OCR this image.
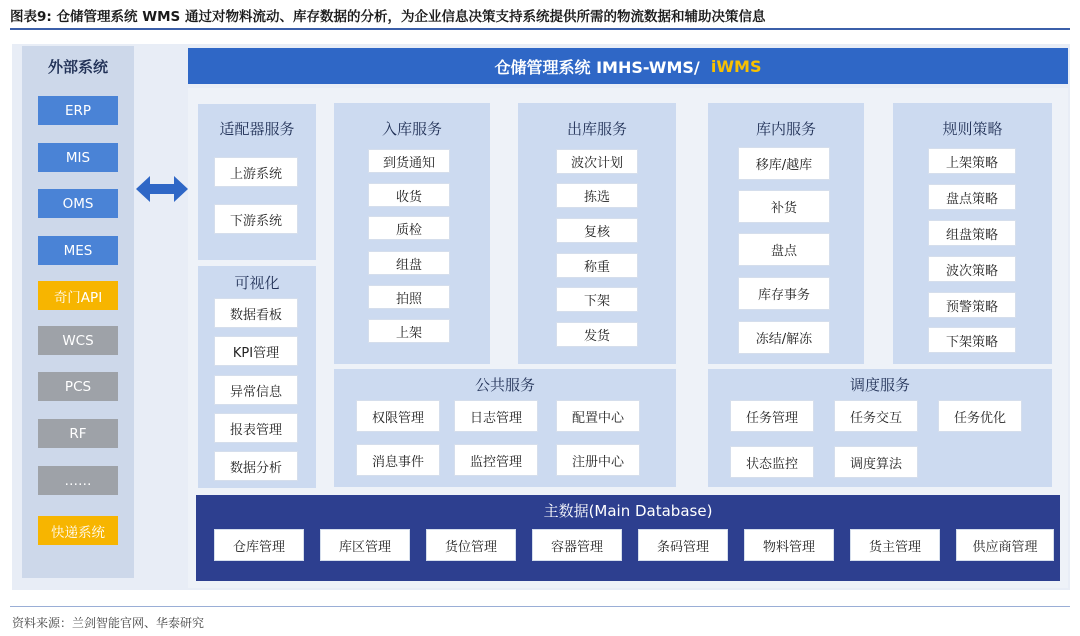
图表9: 仓储管理系统 WMS 通过对物料流动、库存数据的分析，为企业信息决策支持系统提供所需的物流数据和辅助决策信息
外部系统
ERP
MIS
OMS
MES
奇门API
WCS
PCS
RF
……
快递系统
仓储管理系统 IMHS-WMS/ iWMS
适配器服务
可视化
入库服务	出库服务	库内服务	规则策略
公共服务	调度服务
主数据(Main Database)
资料来源：兰剑智能官网、华泰研究
上游系统
下游系统
数据看板
KPI管理
异常信息
报表管理
数据分析
到货通知
收货
质检
组盘
拍照
上架
波次计划
拣选
复核
称重
下架
发货
移库/越库
补货
盘点
库存事务
冻结/解冻
上架策略
盘点策略
组盘策略
波次策略
预警策略
下架策略
权限管理	日志管理	配置中心
消息事件	监控管理	注册中心
任务管理	任务交互	任务优化
状态监控	调度算法
仓库管理	库区管理	货位管理	容器管理	条码管理	物料管理	货主管理	供应商管理
